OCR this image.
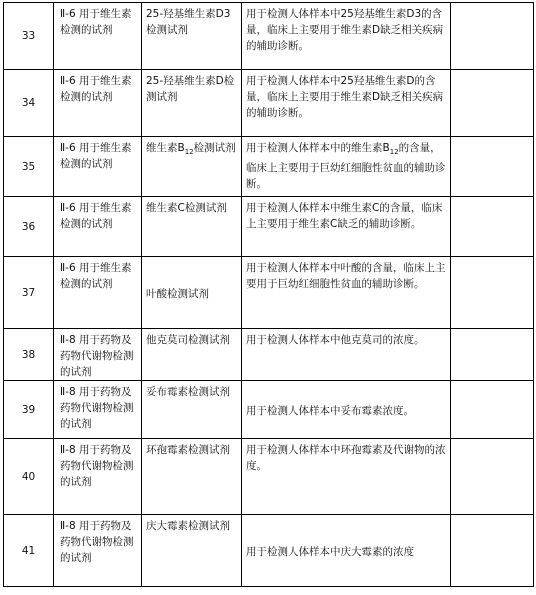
33	Ⅱ-6 用于维生素检测的试剂	25-羟基维生素D3检测试剂	用于检测人体样本中25羟基维生素D3的含量，临床上主要用于维生素D缺乏相关疾病的辅助诊断。	
34	Ⅱ-6 用于维生素检测的试剂	25-羟基维生素D检测试剂	用于检测人体样本中25羟基维生素D的含量，临床上主要用于维生素D缺乏相关疾病的辅助诊断。	
35	Ⅱ-6 用于维生素检测的试剂	维生素$B_{12}$检测试剂	用于检测人体样本中的维生素$B_{12}$的含量，临床上主要用于巨幼红细胞性贫血的辅助诊断。	
36	Ⅱ-6 用于维生素检测的试剂	维生素C检测试剂	用于检测人体样本中维生素C的含量，临床上主要用于维生素C缺乏的辅助诊断。	
37	Ⅱ-6 用于维生素检测的试剂	叶酸检测试剂	用于检测人体样本中叶酸的含量，临床上主要用于巨幼红细胞性贫血的辅助诊断。	
38	Ⅱ-8 用于药物及药物代谢物检测的试剂	他克莫司检测试剂	用于检测人体样本中他克莫司的浓度。	
39	Ⅱ-8 用于药物及药物代谢物检测的试剂	妥布霉素检测试剂	用于检测人体样本中妥布霉素浓度。	
40	Ⅱ-8 用于药物及药物代谢物检测的试剂	环孢霉素检测试剂	用于检测人体样本中环孢霉素及代谢物的浓度。	
41	Ⅱ-8 用于药物及药物代谢物检测的试剂	庆大霉素检测试剂	用于检测人体样本中庆大霉素的浓度	
